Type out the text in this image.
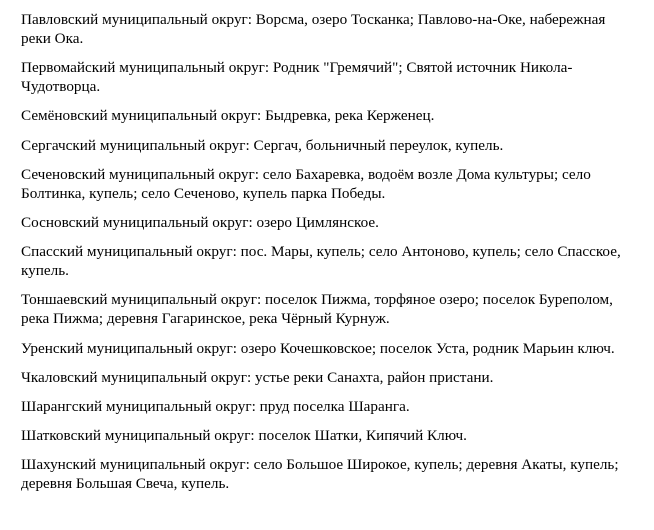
Павловский муниципальный округ: Ворсма, озеро Тосканка; Павлово-на-Оке, набережная реки Ока.

Первомайский муниципальный округ: Родник "Гремячий"; Святой источник Никола-Чудотворца.

Семёновский муниципальный округ: Быдревка, река Керженец.

Сергачский муниципальный округ: Сергач, больничный переулок, купель.

Сеченовский муниципальный округ: село Бахаревка, водоём возле Дома культуры; село Болтинка, купель; село Сеченово, купель парка Победы.

Сосновский муниципальный округ: озеро Цимлянское.

Спасский муниципальный округ: пос. Мары, купель; село Антоново, купель; село Спасское, купель.

Тоншаевский муниципальный округ: поселок Пижма, торфяное озеро; поселок Буреполом, река Пижма; деревня Гагаринское, река Чёрный Курнуж.

Уренский муниципальный округ: озеро Кочешковское; поселок Уста, родник Марьин ключ.

Чкаловский муниципальный округ: устье реки Санахта, район пристани.

Шарангский муниципальный округ: пруд поселка Шаранга.

Шатковский муниципальный округ: поселок Шатки, Кипячий Ключ.

Шахунский муниципальный округ: село Большое Широкое, купель; деревня Акаты, купель; деревня Большая Свеча, купель.
